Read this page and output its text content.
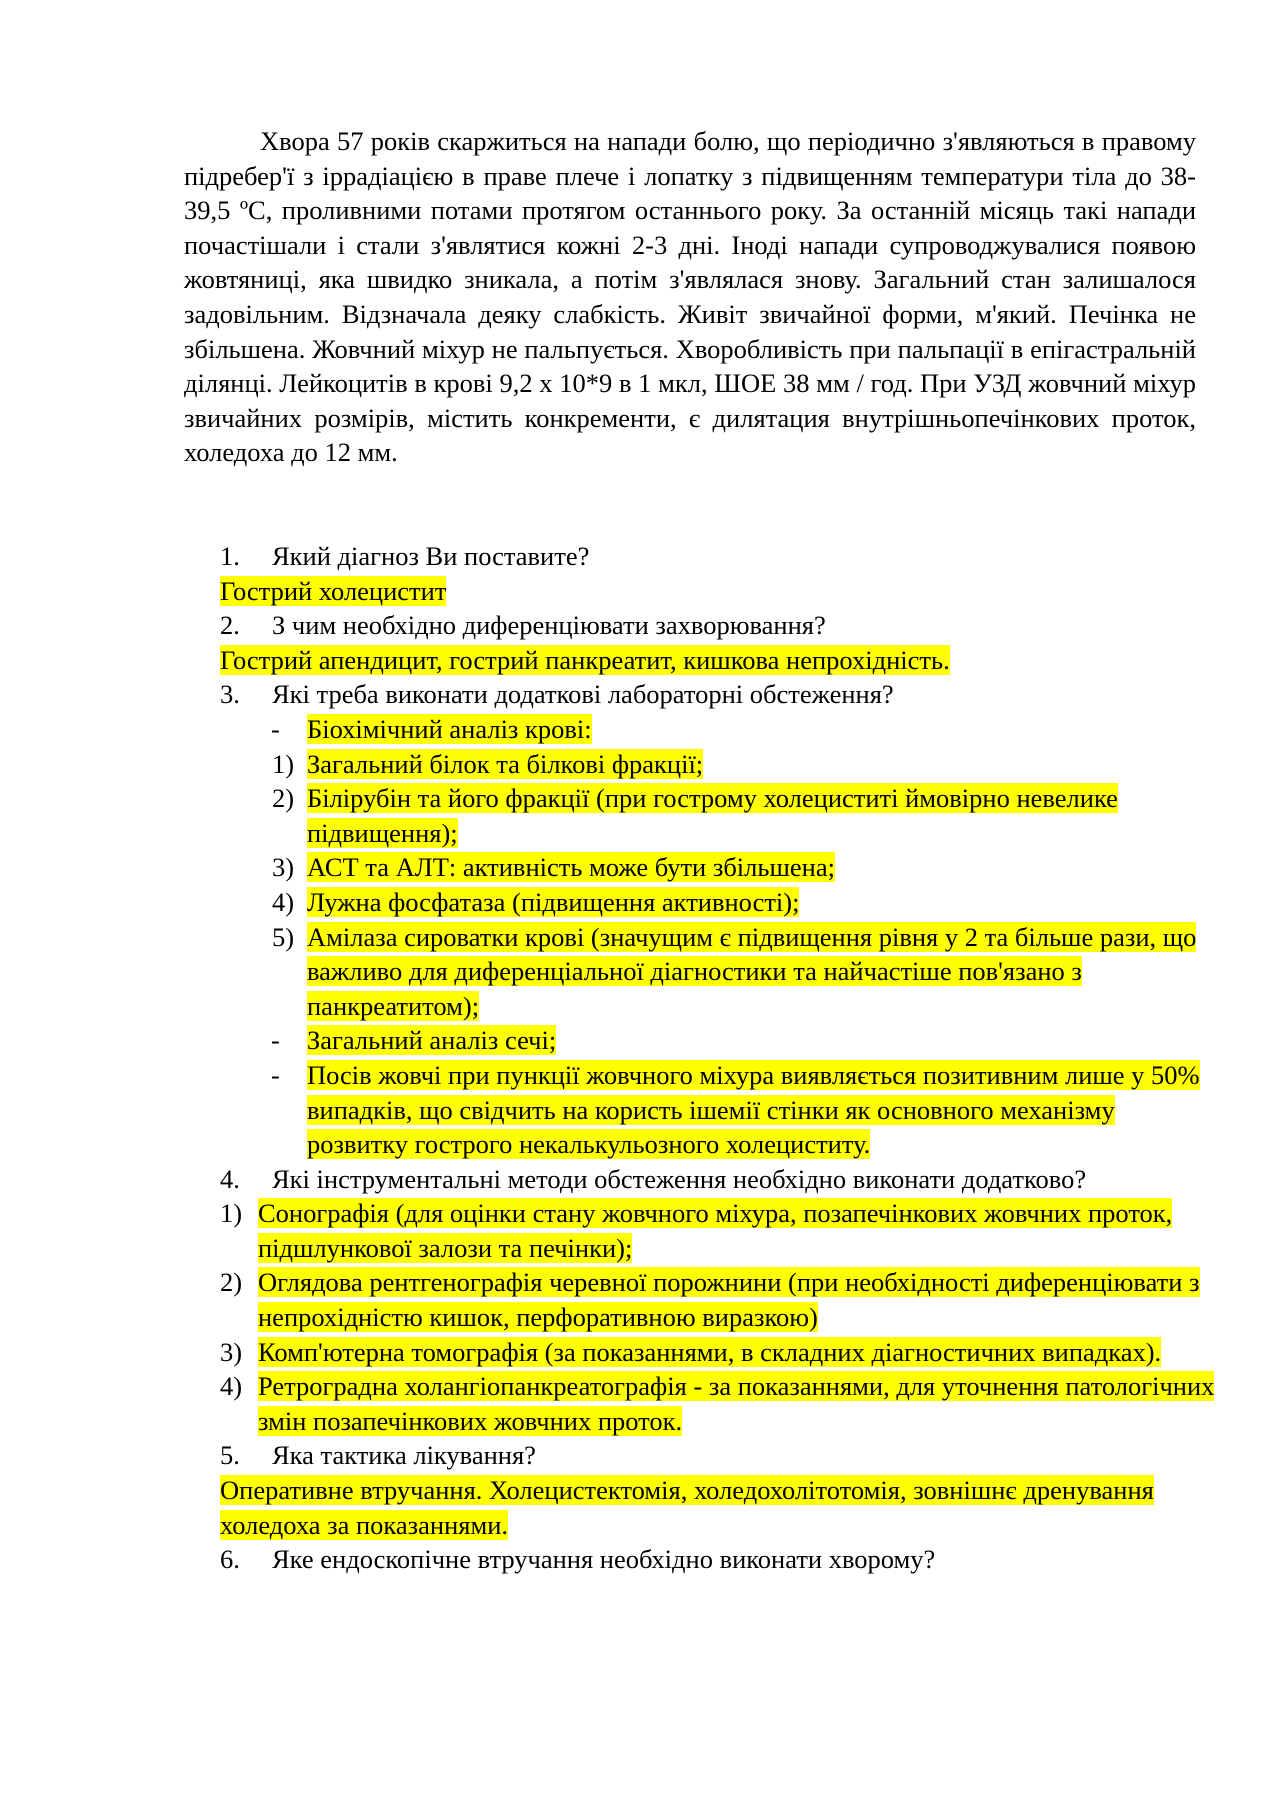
Хвора 57 років скаржиться на напади болю, що періодично з'являються в правому підребер'ї з іррадіацією в праве плече і лопатку з підвищенням температури тіла до 38-39,5 ºС, проливними потами протягом останнього року. За останній місяць такі напади почастішали і стали з'являтися кожні 2-3 дні. Іноді напади супроводжувалися появою жовтяниці, яка швидко зникала, а потім з'являлася знову. Загальний стан залишалося задовільним. Відзначала деяку слабкість. Живіт звичайної форми, м'який. Печінка не збільшена. Жовчний міхур не пальпується. Хворобливість при пальпації в епігастральній ділянці. Лейкоцитів в крові 9,2 х 10*9 в 1 мкл, ШОЕ 38 мм / год. При УЗД жовчний міхур звичайних розмірів, містить конкременти, є дилятация внутрішньопечінкових проток, холедоха до 12 мм.

1.	Який діагноз Ви поставите?
Гострий холецистит
2.	З чим необхідно диференціювати захворювання?
Гострий апендицит, гострий панкреатит, кишкова непрохідність.
3.	Які треба виконати додаткові лабораторні обстеження?
- Біохімічний аналіз крові:
1) Загальний білок та білкові фракції;
2) Білірубін та його фракції (при гострому холециститі ймовірно невелике підвищення);
3) АСТ та АЛТ: активність може бути збільшена;
4) Лужна фосфатаза (підвищення активності);
5) Амілаза сироватки крові (значущим є підвищення рівня у 2 та більше рази, що важливо для диференціальної діагностики та найчастіше пов'язано з панкреатитом);
- Загальний аналіз сечі;
- Посів жовчі при пункції жовчного міхура виявляється позитивним лише у 50% випадків, що свідчить на користь ішемії стінки як основного механізму розвитку гострого некалькульозного холециститу.
4.	Які інструментальні методи обстеження необхідно виконати додатково?
1) Сонографія (для оцінки стану жовчного міхура, позапечінкових жовчних проток, підшлункової залози та печінки);
2) Оглядова рентгенографія черевної порожнини (при необхідності диференціювати з непрохідністю кишок, перфоративною виразкою)
3) Комп'ютерна томографія (за показаннями, в складних діагностичних випадках).
4) Ретроградна холангіопанкреатографія - за показаннями, для уточнення патологічних змін позапечінкових жовчних проток.
5.	Яка тактика лікування?
Оперативне втручання. Холецистектомія, холедохолітотомія, зовнішнє дренування холедоха за показаннями.
6.	Яке ендоскопічне втручання необхідно виконати хворому?
